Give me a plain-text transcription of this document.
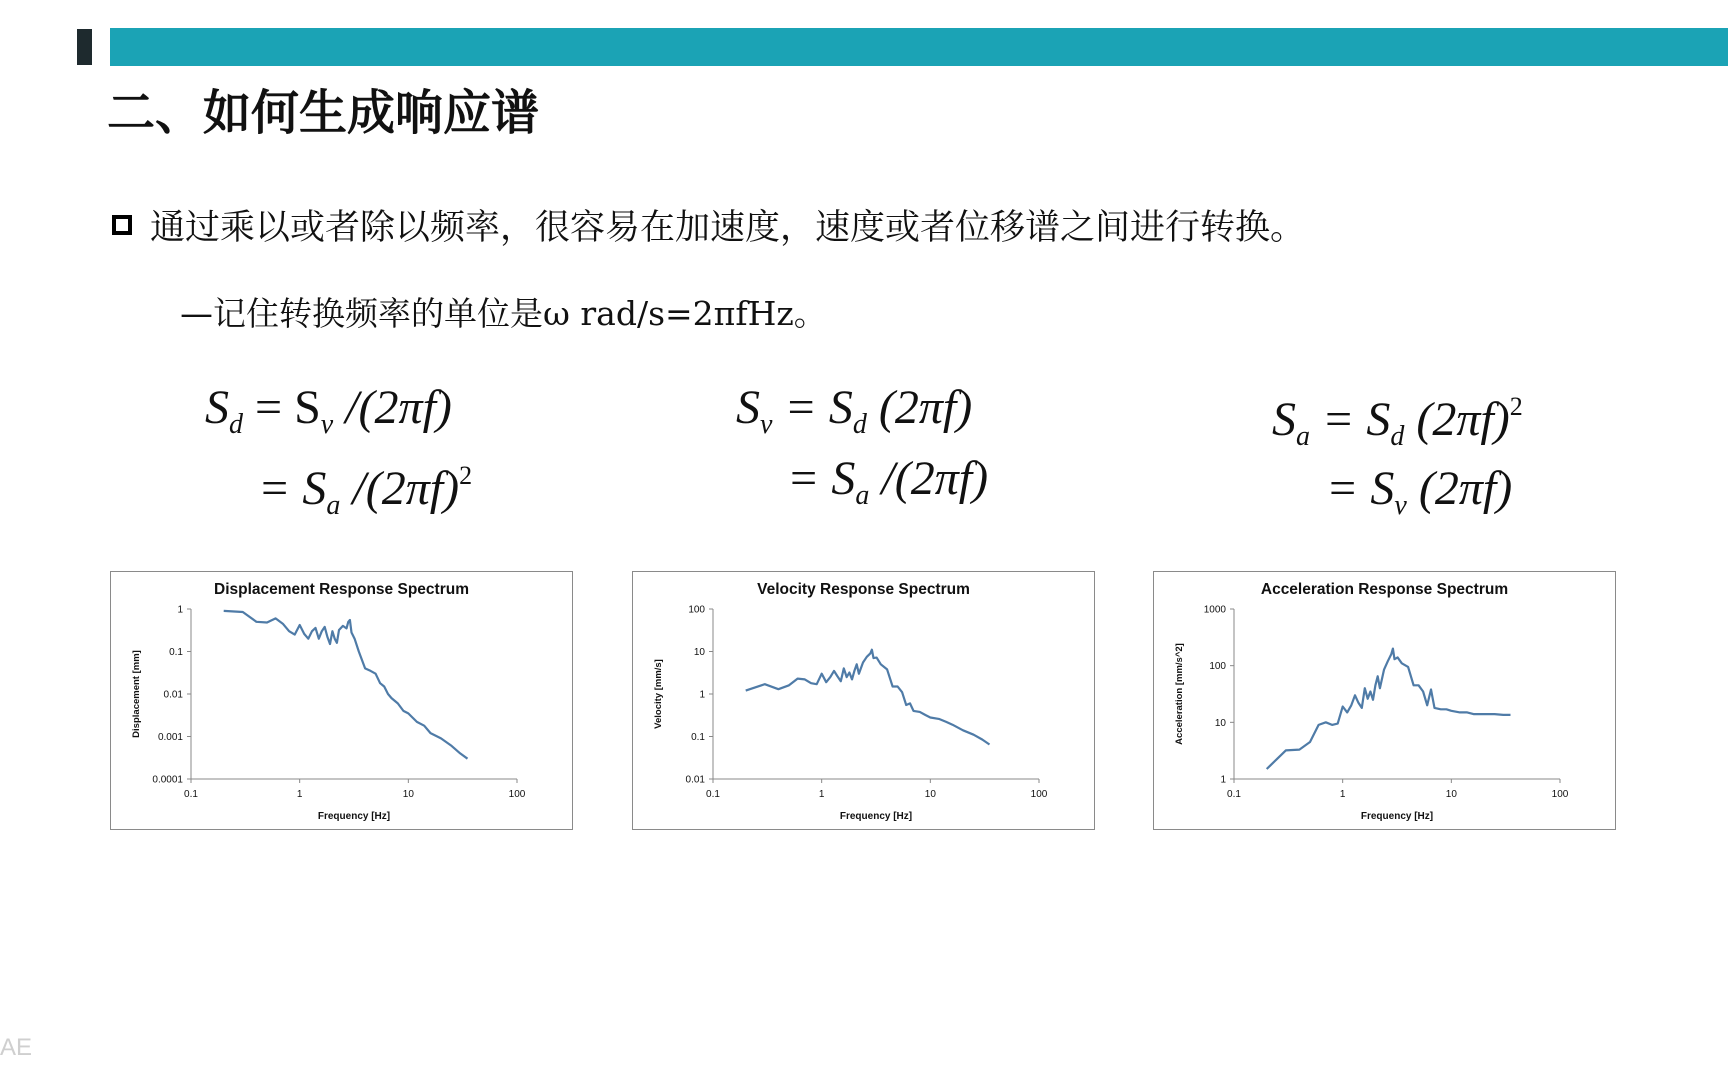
二、如何生成响应谱
通过乘以或者除以频率，很容易在加速度，速度或者位移谱之间进行转换。
—记住转换频率的单位是ω rad/s=2πfHz。
$S_d = S_v$ /(2πf)
= $S_a$ $/(2\pi f)^2$
$S_v = S_d$ (2πf)
= $S_a$ /(2πf)
$S_a = S_d$ $(2\pi f)^2$
= $S_v$ (2πf)
Displacement Response Spectrum
0.0001
0.001
0.01
0.1
1
0.1	1	10	100
Frequency [Hz]
Displacement [mm]
Velocity Response Spectrum
0.01
0.1
1
10
100
0.1	1	10	100
Frequency [Hz]
Velocity [mm/s]
Acceleration Response Spectrum
1
10
100
1000
0.1	1	10	100
Frequency [Hz]
Acceleration [mm/s^2]
AE
